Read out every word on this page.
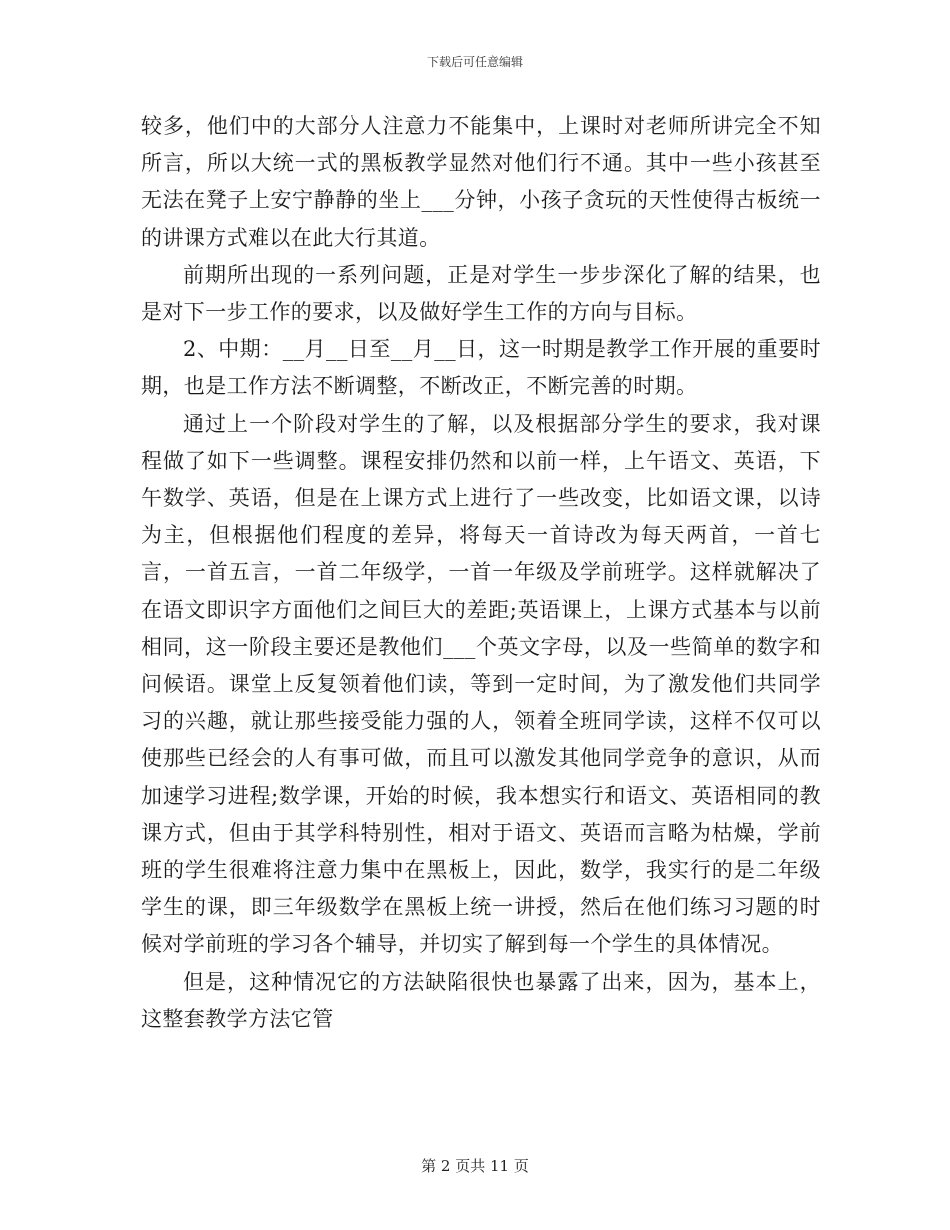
下载后可任意编辑

较多，他们中的大部分人注意力不能集中，上课时对老师所讲完全不知所言，所以大统一式的黑板教学显然对他们行不通。其中一些小孩甚至无法在凳子上安宁静静的坐上___分钟，小孩子贪玩的天性使得古板统一的讲课方式难以在此大行其道。

前期所出现的一系列问题，正是对学生一步步深化了解的结果，也是对下一步工作的要求，以及做好学生工作的方向与目标。

2、中期：__月__日至__月__日，这一时期是教学工作开展的重要时期，也是工作方法不断调整，不断改正，不断完善的时期。

通过上一个阶段对学生的了解，以及根据部分学生的要求，我对课程做了如下一些调整。课程安排仍然和以前一样，上午语文、英语，下午数学、英语，但是在上课方式上进行了一些改变，比如语文课，以诗为主，但根据他们程度的差异，将每天一首诗改为每天两首，一首七言，一首五言，一首二年级学，一首一年级及学前班学。这样就解决了在语文即识字方面他们之间巨大的差距;英语课上，上课方式基本与以前相同，这一阶段主要还是教他们___个英文字母，以及一些简单的数字和问候语。课堂上反复领着他们读，等到一定时间，为了激发他们共同学习的兴趣，就让那些接受能力强的人，领着全班同学读，这样不仅可以使那些已经会的人有事可做，而且可以激发其他同学竞争的意识，从而加速学习进程;数学课，开始的时候，我本想实行和语文、英语相同的教课方式，但由于其学科特别性，相对于语文、英语而言略为枯燥，学前班的学生很难将注意力集中在黑板上，因此，数学，我实行的是二年级学生的课，即三年级数学在黑板上统一讲授，然后在他们练习习题的时候对学前班的学习各个辅导，并切实了解到每一个学生的具体情况。

但是，这种情况它的方法缺陷很快也暴露了出来，因为，基本上，这整套教学方法它管

第 2 页共 11 页
